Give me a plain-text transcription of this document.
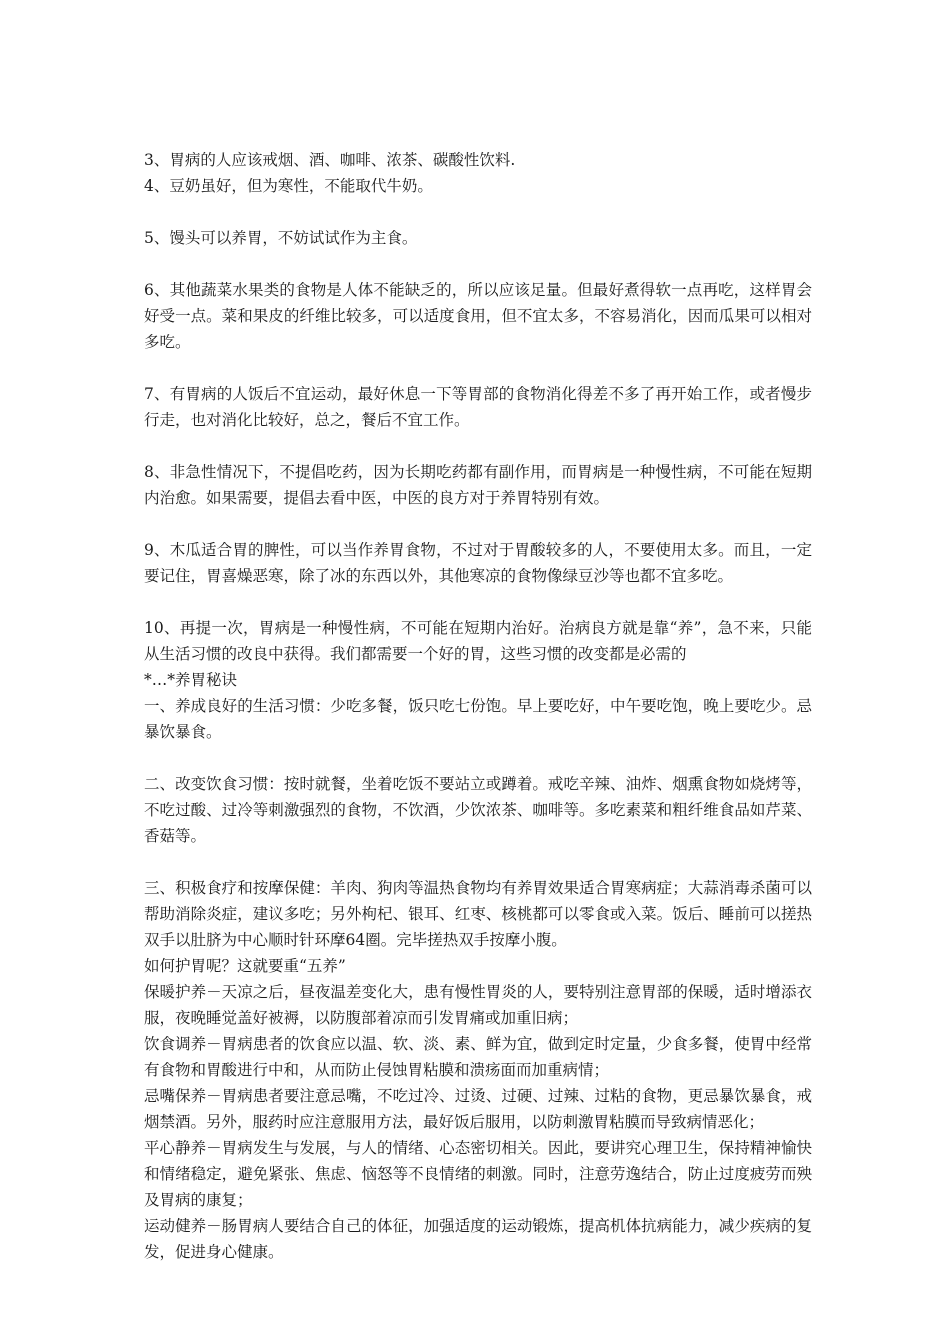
3、胃病的人应该戒烟、酒、咖啡、浓茶、碳酸性饮料.

4、豆奶虽好，但为寒性，不能取代牛奶。

5、馒头可以养胃，不妨试试作为主食。

6、其他蔬菜水果类的食物是人体不能缺乏的，所以应该足量。但最好煮得软一点再吃，这样胃会好受一点。菜和果皮的纤维比较多，可以适度食用，但不宜太多，不容易消化，因而瓜果可以相对多吃。

7、有胃病的人饭后不宜运动，最好休息一下等胃部的食物消化得差不多了再开始工作，或者慢步行走，也对消化比较好，总之，餐后不宜工作。

8、非急性情况下，不提倡吃药，因为长期吃药都有副作用，而胃病是一种慢性病，不可能在短期内治愈。如果需要，提倡去看中医，中医的良方对于养胃特别有效。

9、木瓜适合胃的脾性，可以当作养胃食物，不过对于胃酸较多的人，不要使用太多。而且，一定要记住，胃喜燥恶寒，除了冰的东西以外，其他寒凉的食物像绿豆沙等也都不宜多吃。

10、再提一次，胃病是一种慢性病，不可能在短期内治好。治病良方就是靠“养”，急不来，只能从生活习惯的改良中获得。我们都需要一个好的胃，这些习惯的改变都是必需的

*…*养胃秘诀

一、养成良好的生活习惯：少吃多餐，饭只吃七份饱。早上要吃好，中午要吃饱，晚上要吃少。忌暴饮暴食。

二、改变饮食习惯：按时就餐，坐着吃饭不要站立或蹲着。戒吃辛辣、油炸、烟熏食物如烧烤等，不吃过酸、过冷等刺激强烈的食物，不饮酒，少饮浓茶、咖啡等。多吃素菜和粗纤维食品如芹菜、香菇等。

三、积极食疗和按摩保健：羊肉、狗肉等温热食物均有养胃效果适合胃寒病症；大蒜消毒杀菌可以帮助消除炎症，建议多吃；另外枸杞、银耳、红枣、核桃都可以零食或入菜。饭后、睡前可以搓热双手以肚脐为中心顺时针环摩64圈。完毕搓热双手按摩小腹。

如何护胃呢？这就要重“五养”

保暖护养－天凉之后，昼夜温差变化大，患有慢性胃炎的人，要特别注意胃部的保暖，适时增添衣服，夜晚睡觉盖好被褥，以防腹部着凉而引发胃痛或加重旧病；

饮食调养－胃病患者的饮食应以温、软、淡、素、鲜为宜，做到定时定量，少食多餐，使胃中经常有食物和胃酸进行中和，从而防止侵蚀胃粘膜和溃疡面而加重病情；

忌嘴保养－胃病患者要注意忌嘴，不吃过冷、过烫、过硬、过辣、过粘的食物，更忌暴饮暴食，戒烟禁酒。另外，服药时应注意服用方法，最好饭后服用，以防刺激胃粘膜而导致病情恶化；

平心静养－胃病发生与发展，与人的情绪、心态密切相关。因此，要讲究心理卫生，保持精神愉快和情绪稳定，避免紧张、焦虑、恼怒等不良情绪的刺激。同时，注意劳逸结合，防止过度疲劳而殃及胃病的康复；

运动健养－肠胃病人要结合自己的体征，加强适度的运动锻炼，提高机体抗病能力，减少疾病的复发，促进身心健康。
